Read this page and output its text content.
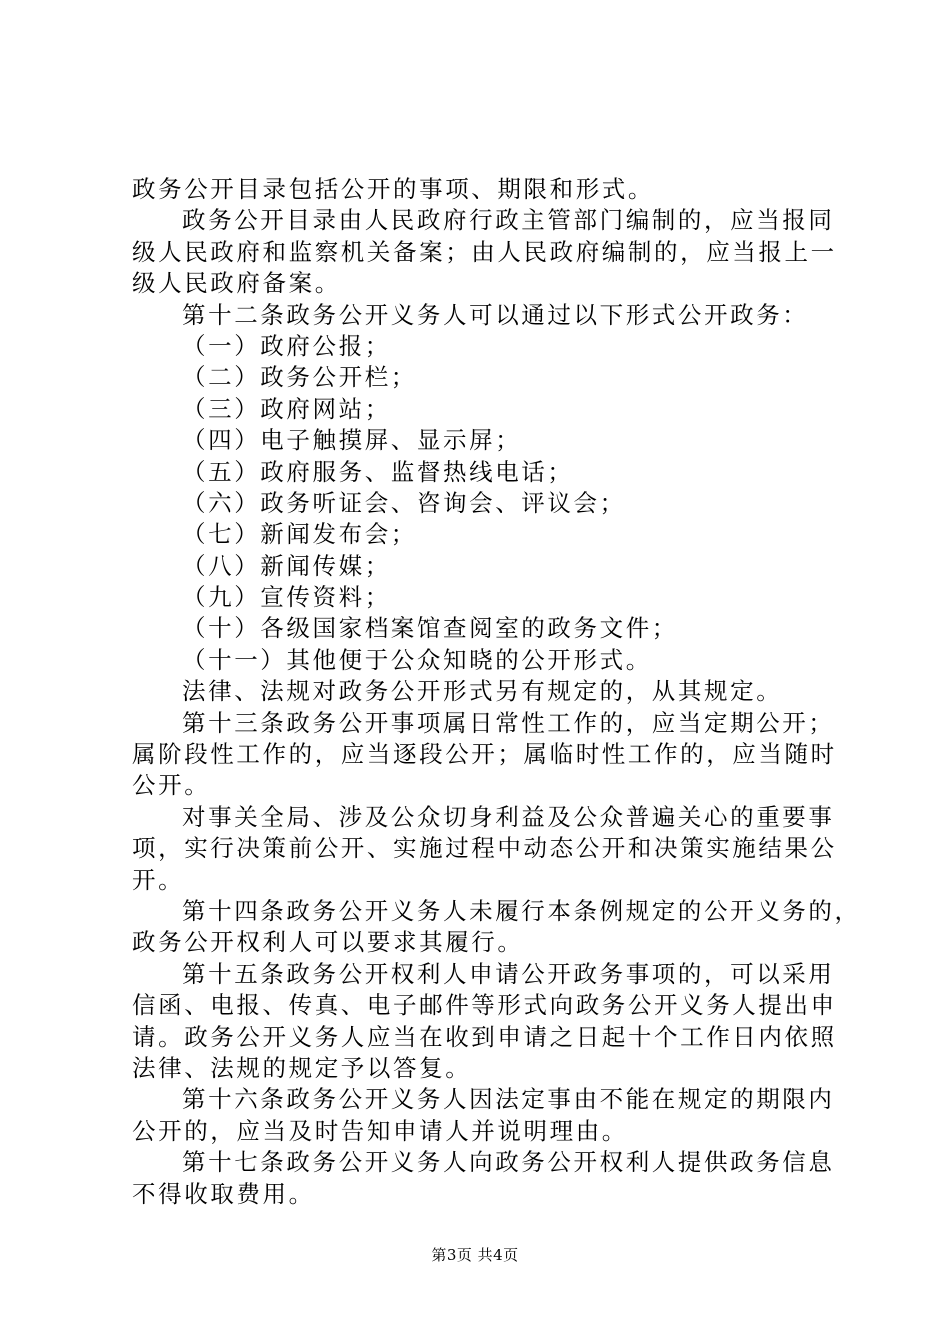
政务公开目录包括公开的事项、期限和形式。
政务公开目录由人民政府行政主管部门编制的，应当报同
级人民政府和监察机关备案；由人民政府编制的，应当报上一
级人民政府备案。
第十二条政务公开义务人可以通过以下形式公开政务：
（一）政府公报；
（二）政务公开栏；
（三）政府网站；
（四）电子触摸屏、显示屏；
（五）政府服务、监督热线电话；
（六）政务听证会、咨询会、评议会；
（七）新闻发布会；
（八）新闻传媒；
（九）宣传资料；
（十）各级国家档案馆查阅室的政务文件；
（十一）其他便于公众知晓的公开形式。
法律、法规对政务公开形式另有规定的，从其规定。
第十三条政务公开事项属日常性工作的，应当定期公开；
属阶段性工作的，应当逐段公开；属临时性工作的，应当随时
公开。
对事关全局、涉及公众切身利益及公众普遍关心的重要事
项，实行决策前公开、实施过程中动态公开和决策实施结果公
开。
第十四条政务公开义务人未履行本条例规定的公开义务的，
政务公开权利人可以要求其履行。
第十五条政务公开权利人申请公开政务事项的，可以采用
信函、电报、传真、电子邮件等形式向政务公开义务人提出申
请。政务公开义务人应当在收到申请之日起十个工作日内依照
法律、法规的规定予以答复。
第十六条政务公开义务人因法定事由不能在规定的期限内
公开的，应当及时告知申请人并说明理由。
第十七条政务公开义务人向政务公开权利人提供政务信息
不得收取费用。
第3页 共4页
